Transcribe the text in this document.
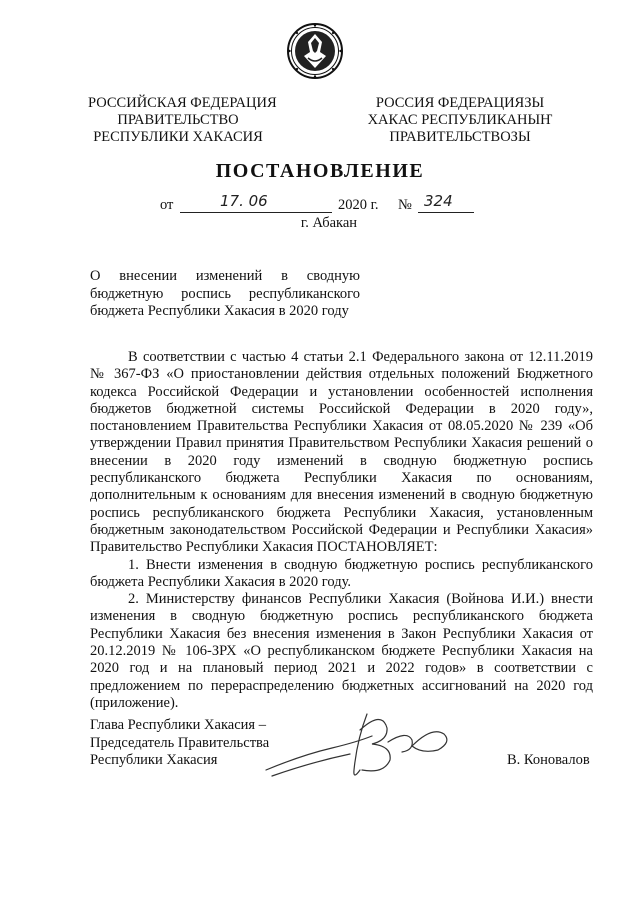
РОССИЙСКАЯ ФЕДЕРАЦИЯ
ПРАВИТЕЛЬСТВО
РЕСПУБЛИКИ ХАКАСИЯ
РОССИЯ ФЕДЕРАЦИЯЗЫ
ХАКАС РЕСПУБЛИКАНЫҤ
ПРАВИТЕЛЬСТВОЗЫ
ПОСТАНОВЛЕНИЕ
от	17. 06	2020 г. № 324
г. Абакан
О внесении изменений в сводную
бюджетную роспись республиканского
бюджета Республики Хакасия в 2020 году

В соответствии с частью 4 статьи 2.1 Федерального закона от 12.11.2019 № 367-ФЗ «О приостановлении действия отдельных положений Бюджетного кодекса Российской Федерации и установлении особенностей исполнения бюджетов бюджетной системы Российской Федерации в 2020 году», постановлением Правительства Республики Хакасия от 08.05.2020 № 239 «Об утверждении Правил принятия Правительством Республики Хакасия решений о внесении в 2020 году изменений в сводную бюджетную роспись республиканского бюджета Республики Хакасия по основаниям, дополнительным к основаниям для внесения изменений в сводную бюджетную роспись республиканского бюджета Республики Хакасия, установленным бюджетным законодательством Российской Федерации и Республики Хакасия» Правительство Республики Хакасия ПОСТАНОВЛЯЕТ:

1. Внести изменения в сводную бюджетную роспись республиканского бюджета Республики Хакасия в 2020 году.

2. Министерству финансов Республики Хакасия (Войнова И.И.) внести изменения в сводную бюджетную роспись республиканского бюджета Республики Хакасия без внесения изменения в Закон Республики Хакасия от 20.12.2019 № 106-ЗРХ «О республиканском бюджете Республики Хакасия на 2020 год и на плановый период 2021 и 2022 годов» в соответствии с предложением по перераспределению бюджетных ассигнований на 2020 год (приложение).

Глава Республики Хакасия –
Председатель Правительства
Республики Хакасия	В. Коновалов
